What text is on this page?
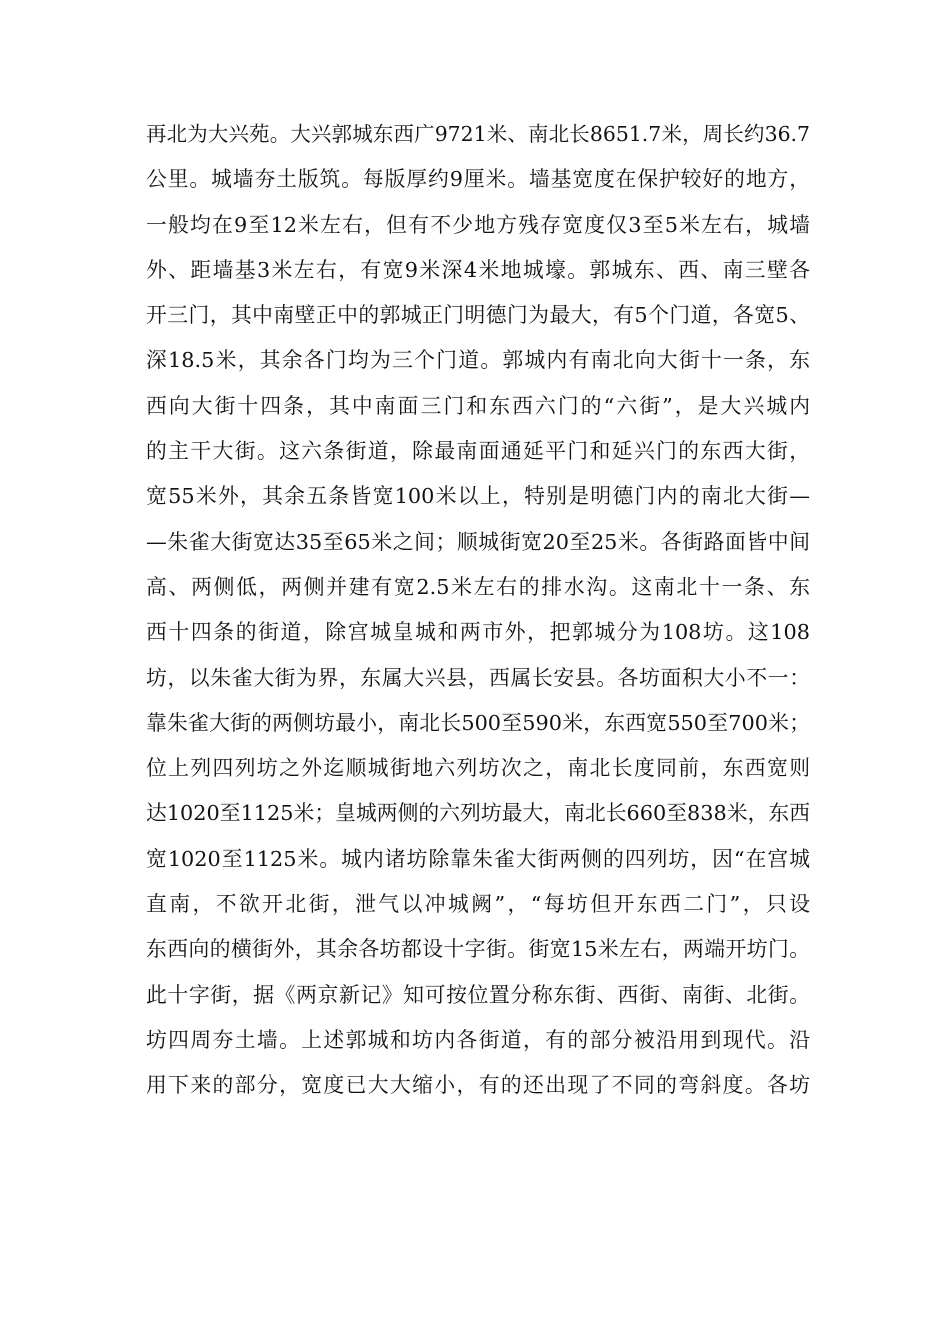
再北为大兴苑。大兴郭城东西广9721米、南北长8651.7米，周长约36.7
公里。城墙夯土版筑。每版厚约9厘米。墙基宽度在保护较好的地方，
一般均在9至12米左右，但有不少地方残存宽度仅3至5米左右，城墙
外、距墙基3米左右，有宽9米深4米地城壕。郭城东、西、南三壁各
开三门，其中南壁正中的郭城正门明德门为最大，有5个门道，各宽5、
深18.5米，其余各门均为三个门道。郭城内有南北向大街十一条，东
西向大街十四条，其中南面三门和东西六门的“六街”，是大兴城内
的主干大街。这六条街道，除最南面通延平门和延兴门的东西大街，
宽55米外，其余五条皆宽100米以上，特别是明德门内的南北大街—
—朱雀大街宽达35至65米之间；顺城街宽20至25米。各街路面皆中间
高、两侧低，两侧并建有宽2.5米左右的排水沟。这南北十一条、东
西十四条的街道，除宫城皇城和两市外，把郭城分为108坊。这108
坊，以朱雀大街为界，东属大兴县，西属长安县。各坊面积大小不一：
靠朱雀大街的两侧坊最小，南北长500至590米，东西宽550至700米；
位上列四列坊之外迄顺城街地六列坊次之，南北长度同前，东西宽则
达1020至1125米；皇城两侧的六列坊最大，南北长660至838米，东西
宽1020至1125米。城内诸坊除靠朱雀大街两侧的四列坊，因“在宫城
直南，不欲开北街，泄气以冲城阙”，“每坊但开东西二门”，只设
东西向的横街外，其余各坊都设十字街。街宽15米左右，两端开坊门。
此十字街，据《两京新记》知可按位置分称东街、西街、南街、北街。
坊四周夯土墙。上述郭城和坊内各街道，有的部分被沿用到现代。沿
用下来的部分，宽度已大大缩小，有的还出现了不同的弯斜度。各坊
